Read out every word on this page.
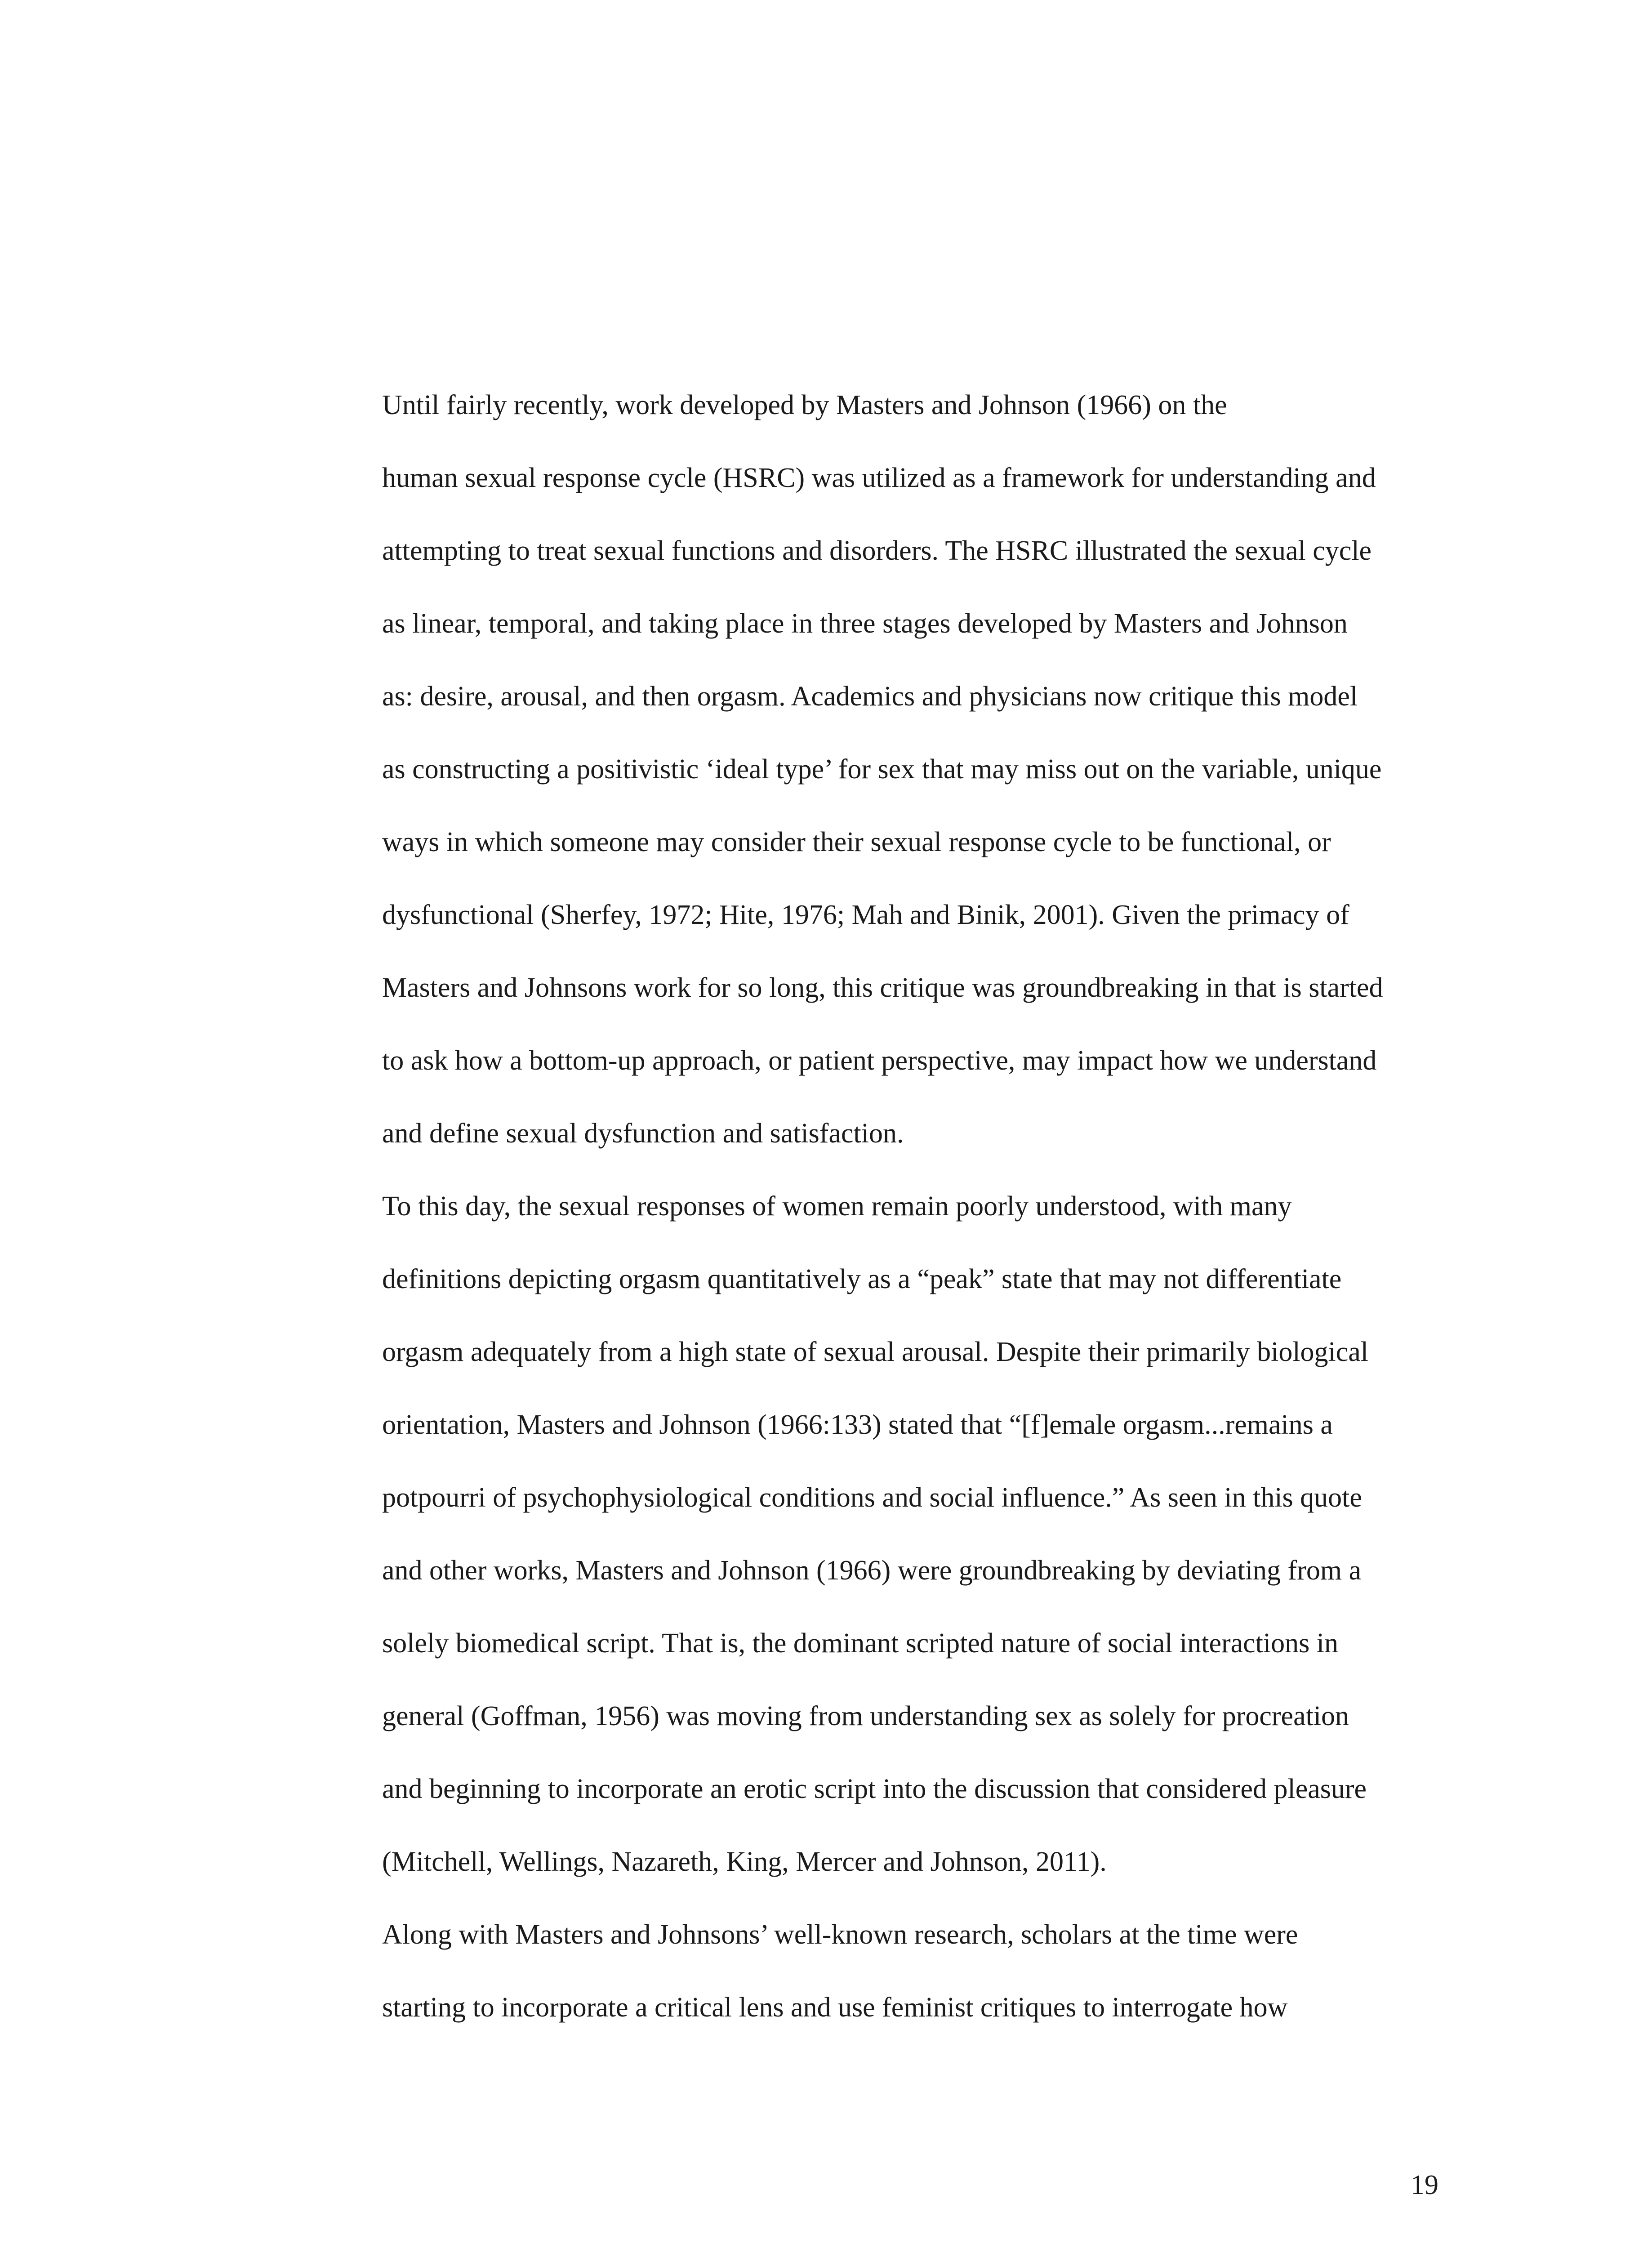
Until fairly recently, work developed by Masters and Johnson (1966) on the
human sexual response cycle (HSRC) was utilized as a framework for understanding and
attempting to treat sexual functions and disorders. The HSRC illustrated the sexual cycle
as linear, temporal, and taking place in three stages developed by Masters and Johnson
as: desire, arousal, and then orgasm. Academics and physicians now critique this model
as constructing a positivistic ‘ideal type’ for sex that may miss out on the variable, unique
ways in which someone may consider their sexual response cycle to be functional, or
dysfunctional (Sherfey, 1972; Hite, 1976; Mah and Binik, 2001). Given the primacy of
Masters and Johnsons work for so long, this critique was groundbreaking in that is started
to ask how a bottom-up approach, or patient perspective, may impact how we understand
and define sexual dysfunction and satisfaction.

To this day, the sexual responses of women remain poorly understood, with many
definitions depicting orgasm quantitatively as a “peak” state that may not differentiate
orgasm adequately from a high state of sexual arousal. Despite their primarily biological
orientation, Masters and Johnson (1966:133) stated that “[f]emale orgasm...remains a
potpourri of psychophysiological conditions and social influence.” As seen in this quote
and other works, Masters and Johnson (1966) were groundbreaking by deviating from a
solely biomedical script. That is, the dominant scripted nature of social interactions in
general (Goffman, 1956) was moving from understanding sex as solely for procreation
and beginning to incorporate an erotic script into the discussion that considered pleasure
(Mitchell, Wellings, Nazareth, King, Mercer and Johnson, 2011).

Along with Masters and Johnsons’ well-known research, scholars at the time were
starting to incorporate a critical lens and use feminist critiques to interrogate how

19
